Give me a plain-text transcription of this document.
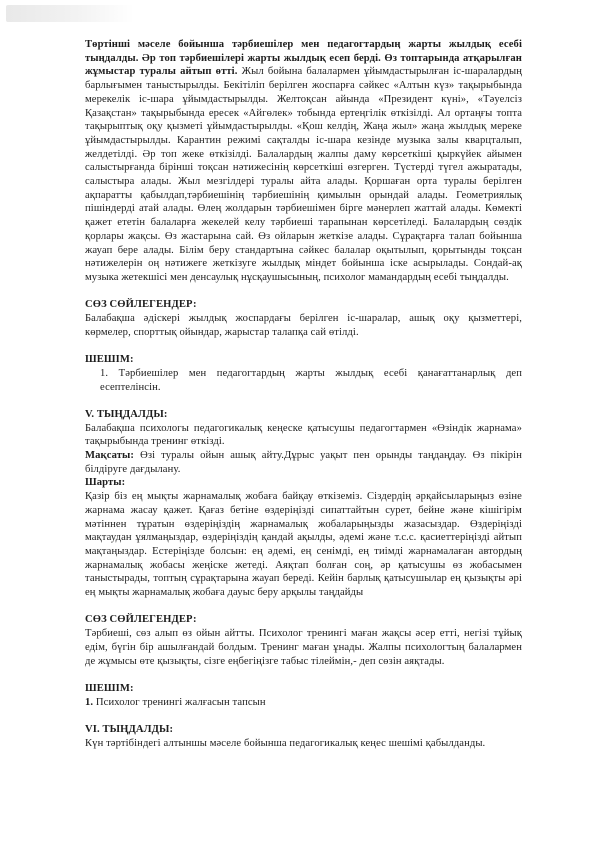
Төртінші мәселе бойынша тәрбиешілер мен педагогтардың жарты жылдық есебі тыңдалды. Әр топ тәрбиешілері жарты жылдық есеп берді. Өз топтарында атқарылған жұмыстар туралы айтып өтті. Жыл бойына балалармен ұйымдастырылған іс-шаралардың барлығымен таныстырылды. Бекітіліп берілген жоспарға сәйкес «Алтын күз» тақырыбында мерекелік іс-шара ұйымдастырылды. Желтоқсан айында «Президент күні», «Тәуелсіз Қазақстан» тақырыбында ересек «Айгөлек» тобында ертеңгілік өткізілді. Ал ортаңғы топта тақырыптық оқу қызметі ұйымдастырылды. «Қош келдің, Жаңа жыл» жаңа жылдық мереке ұйымдастырылды. Карантин режимі сақталды іс-шара кезінде музыка залы кварцталып, желдетілді. Әр топ жеке өткізілді. Балалардың жалпы даму көрсеткіші қыркүйек айымен салыстырғанда бірінші тоқсан нәтижесінің көрсеткіші өзгерген. Түстерді түгел ажыратады, салыстыра алады. Жыл мезгілдері туралы айта алады. Қоршаған орта туралы берілген ақпаратты қабылдап,тәрбиешінің тәрбиешінің қимылын орындай алады. Геометриялық пішіндерді атай алады. Өлең жолдарын тәрбиешімен бірге мәнерлеп жаттай алады. Көмекті қажет ететін балаларға жекелей келу тәрбиеші тарапынан көрсетіледі. Балалардың сөздік қорлары жақсы. Өз жастарына сай. Өз ойларын жеткізе алады. Сұрақтарға талап бойынша жауап бере алады. Білім беру стандартына сәйкес балалар оқытылып, қорытынды тоқсан нәтижелерін оң нәтижеге жеткізуге жылдық міндет бойынша іске асырылады. Сондай-ақ музыка жетекшісі мен денсаулық нұсқаушысының, психолог мамандардың есебі тыңдалды.

СӨЗ СӨЙЛЕГЕНДЕР:

Балабақша әдіскері жылдық жоспардағы берілген іс-шаралар, ашық оқу қызметтері, көрмелер, спорттық ойындар, жарыстар талапқа сай өтілді.

ШЕШІМ:

1. Тәрбиешілер мен педагогтардың жарты жылдық есебі қанағаттанарлық деп есептелінсін.

V. ТЫҢДАЛДЫ:

Балабақша психологы педагогикалық кеңеске қатысушы педагогтармен «Өзіндік жарнама» тақырыбында тренинг өткізді.

Мақсаты: Өзі туралы ойын ашық айту.Дұрыс уақыт пен орынды таңдаңдау. Өз пікірін білдіруге дағдылану.

Шарты:

Қазір біз ең мықты жарнамалық жобаға байқау өткіземіз. Сіздердің әрқайсыларыңыз өзіне жарнама жасау қажет. Қағаз бетіне өздеріңізді сипаттайтын сурет, бейне және кішігірім мәтіннен тұратын өздеріңіздің жарнамалық жобаларыңызды жазасыздар. Өздеріңізді мақтаудан ұялмаңыздар, өздеріңіздің қандай ақылды, әдемі және т.с.с. қасиеттеріңізді айтып мақтаңыздар. Естеріңізде болсын: ең әдемі, ең сенімді, ең тиімді жарнамалаған автордың жарнамалық жобасы жеңіске жетеді. Аяқтап болған соң, әр қатысушы өз жобасымен таныстырады, топтың сұрақтарына жауап береді. Кейін барлық қатысушылар ең қызықты әрі ең мықты жарнамалық жобаға дауыс беру арқылы таңдайды

СӨЗ СӨЙЛЕГЕНДЕР:

Тәрбиеші, сөз алып өз ойын айтты. Психолог тренингі маған жақсы әсер етті, негізі тұйық едім, бүгін бір ашылғандай болдым. Тренинг маған ұнады. Жалпы психологтың балалармен де жұмысы өте қызықты, сізге еңбегіңізге табыс тілеймін,- деп сөзін аяқтады.

ШЕШІМ:

1. Психолог тренингі жалғасын тапсын

VI. ТЫҢДАЛДЫ:

Күн тәртібіндегі алтыншы мәселе бойынша педагогикалық кеңес шешімі қабылданды.
